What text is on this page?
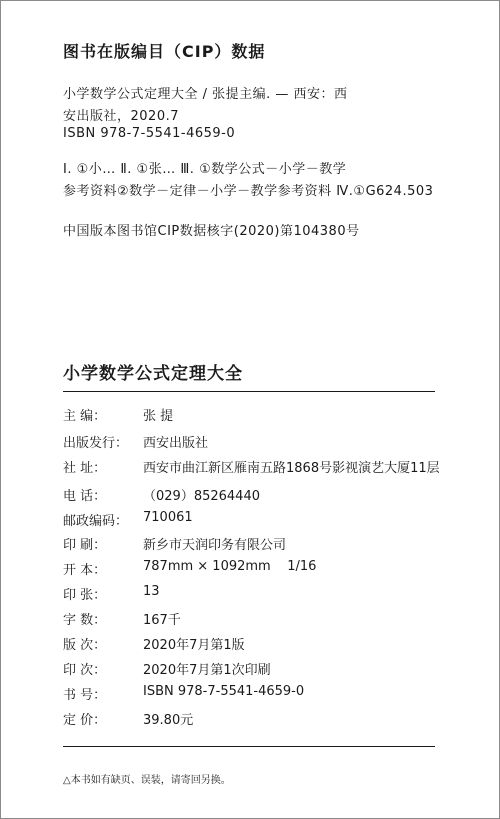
图书在版编目（CIP）数据
小学数学公式定理大全 / 张提主编. — 西安：西
安出版社，2020.7
ISBN 978-7-5541-4659-0
Ⅰ. ①小… Ⅱ. ①张… Ⅲ. ①数学公式－小学－教学
参考资料②数学－定律－小学－教学参考资料 Ⅳ.①G624.503
中国版本图书馆CIP数据核字(2020)第104380号
小学数学公式定理大全
主 编：	张 提
出版发行：	西安出版社
社 址：	西安市曲江新区雁南五路1868号影视演艺大厦11层
电 话：	（029）85264440
邮政编码：	710061
印 刷：	新乡市天润印务有限公司
开 本：	787mm × 1092mm    1/16
印 张：	13
字 数：	167千
版 次：	2020年7月第1版
印 次：	2020年7月第1次印刷
书 号：	ISBN 978-7-5541-4659-0
定 价：	39.80元
△本书如有缺页、误装，请寄回另换。
